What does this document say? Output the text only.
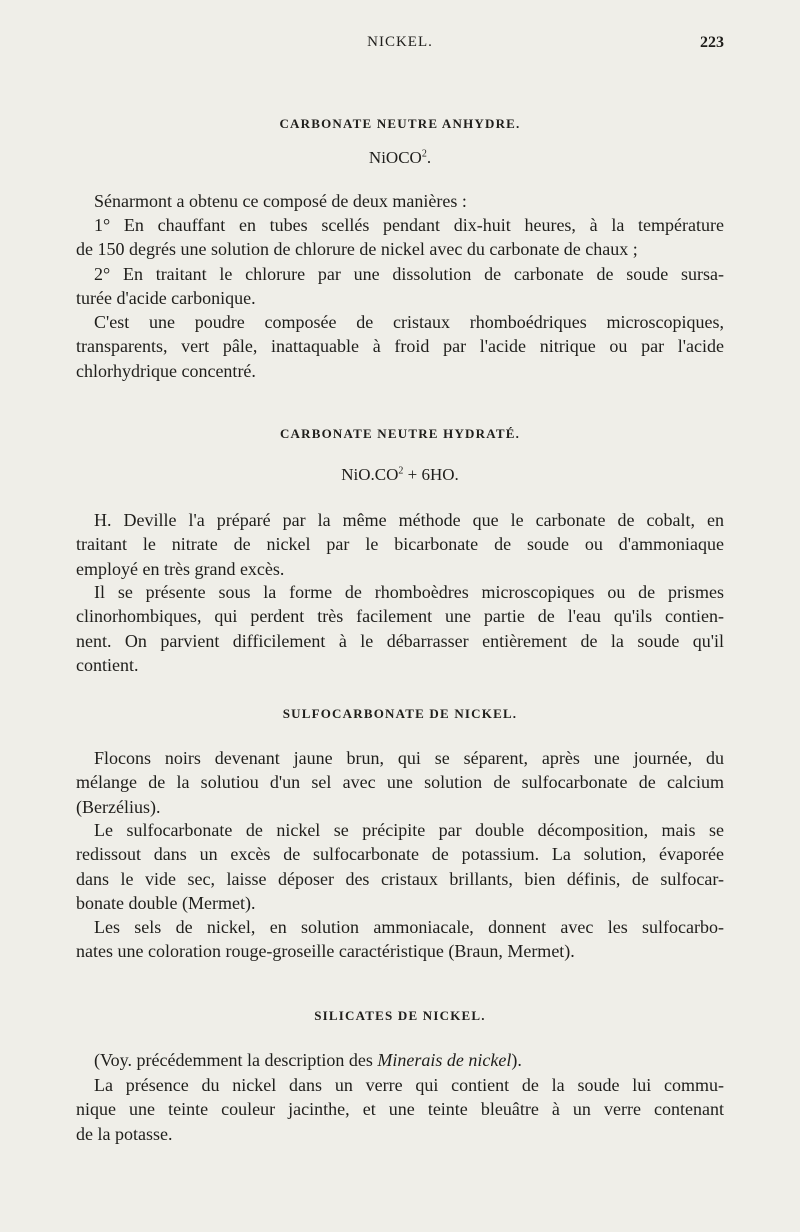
NICKEL.	223
CARBONATE NEUTRE ANHYDRE.
NiOCO$^2$.
Sénarmont a obtenu ce composé de deux manières :
1° En chauffant en tubes scellés pendant dix-huit heures, à la température
de 150 degrés une solution de chlorure de nickel avec du carbonate de chaux ;
2° En traitant le chlorure par une dissolution de carbonate de soude sursa-
turée d'acide carbonique.
C'est une poudre composée de cristaux rhomboédriques microscopiques,
transparents, vert pâle, inattaquable à froid par l'acide nitrique ou par l'acide
chlorhydrique concentré.
CARBONATE NEUTRE HYDRATÉ.
$NiO.CO^2 + 6HO$.
H. Deville l'a préparé par la même méthode que le carbonate de cobalt, en
traitant le nitrate de nickel par le bicarbonate de soude ou d'ammoniaque
employé en très grand excès.
Il se présente sous la forme de rhomboèdres microscopiques ou de prismes
clinorhombiques, qui perdent très facilement une partie de l'eau qu'ils contien-
nent. On parvient difficilement à le débarrasser entièrement de la soude qu'il
contient.
SULFOCARBONATE DE NICKEL.
Flocons noirs devenant jaune brun, qui se séparent, après une journée, du
mélange de la solutiou d'un sel avec une solution de sulfocarbonate de calcium
(Berzélius).
Le sulfocarbonate de nickel se précipite par double décomposition, mais se
redissout dans un excès de sulfocarbonate de potassium. La solution, évaporée
dans le vide sec, laisse déposer des cristaux brillants, bien définis, de sulfocar-
bonate double (Mermet).
Les sels de nickel, en solution ammoniacale, donnent avec les sulfocarbo-
nates une coloration rouge-groseille caractéristique (Braun, Mermet).
SILICATES DE NICKEL.
(Voy. précédemment la description des Minerais de nickel).
La présence du nickel dans un verre qui contient de la soude lui commu-
nique une teinte couleur jacinthe, et une teinte bleuâtre à un verre contenant
de la potasse.
